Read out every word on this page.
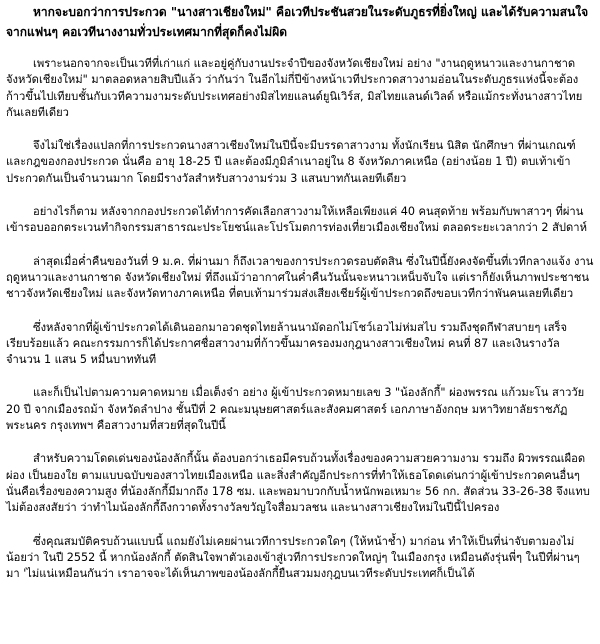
หากจะบอกว่าการประกวด "นางสาวเชียงใหม่" คือเวทีประชันสวยในระดับภูธรที่ยิ่งใหญ่ และได้รับความสนใจจากแฟนๆ คอเวทีนางงามทั่วประเทศมากที่สุดก็คงไม่ผิด

เพราะนอกจากจะเป็นเวทีที่เก่าแก่ และอยู่คู่กับงานประจำปีของจังหวัดเชียงใหม่ อย่าง "งานฤดูหนาวและงานกาชาด จังหวัดเชียงใหม่" มาตลอดหลายสิบปีแล้ว ว่ากันว่า ในอีกไม่กี่ปีข้างหน้าเวทีประกวดสาวงามอ่อนในระดับภูธรแห่งนี้จะต้องก้าวขึ้นไปเทียบชั้นกับเวทีความงามระดับประเทศอย่างมิสไทยแลนด์ยูนิเวิร์ส, มิสไทยแลนด์เวิลด์ หรือแม้กระทั่งนางสาวไทย กันเลยทีเดียว

จึงไม่ใช่เรื่องแปลกที่การประกวดนางสาวเชียงใหม่ในปีนี้จะมีบรรดาสาวงาม ทั้งนักเรียน นิสิต นักศึกษา ที่ผ่านเกณฑ์ และกฎของกองประกวด นั่นคือ อายุ 18-25 ปี และต้องมีภูมิลำเนาอยู่ใน 8 จังหวัดภาคเหนือ (อย่างน้อย 1 ปี) ตบเท้าเข้าประกวดกันเป็นจำนวนมาก โดยมีรางวัลสำหรับสาวงามร่วม 3 แสนบาทกันเลยทีเดียว

อย่างไรก็ตาม หลังจากกองประกวดได้ทำการคัดเลือกสาวงามให้เหลือเพียงแค่ 40 คนสุดท้าย พร้อมกับพาสาวๆ ที่ผ่านเข้ารอบออกตระเวนทำกิจกรรมสาธารณะประโยชน์และโปรโมตการท่องเที่ยวเมืองเชียงใหม่ ตลอดระยะเวลากว่า 2 สัปดาห์

ล่าสุดเมื่อค่ำคืนของวันที่ 9 ม.ค. ที่ผ่านมา ก็ถึงเวลาของการประกวดรอบตัดสิน ซึ่งในปีนี้ยังคงจัดขึ้นที่เวทีกลางแจ้ง งานฤดูหนาวและงานกาชาด จังหวัดเชียงใหม่ ที่ถึงแม้ว่าอากาศในค่ำคืนวันนั้นจะหนาวเหน็บจับใจ แต่เราก็ยังเห็นภาพประชาชนชาวจังหวัดเชียงใหม่ และจังหวัดทางภาคเหนือ ที่ตบเท้ามาร่วมส่งเสียงเชียร์ผู้เข้าประกวดถึงขอบเวทีกว่าพันคนเลยทีเดียว

ซึ่งหลังจากที่ผู้เข้าประกวดได้เดินออกมาอวดชุดไทยล้านนามัดอกไม่โชว์เอวไม่ห่มสไบ รวมถึงชุดกีฬาสบายๆ เสร็จเรียบร้อยแล้ว คณะกรรมการก็ได้ประกาศชื่อสาวงามที่ก้าวขึ้นมาครองมงกุฎนางสาวเชียงใหม่ คนที่ 87 และเงินรางวัลจำนวน 1 แสน 5 หมื่นบาททันที

และก็เป็นไปตามความคาดหมาย เมื่อเต็งจ๋า อย่าง ผู้เข้าประกวดหมายเลข 3 "น้องลักกี้" ผ่องพรรณ แก้วมะโน สาววัย 20 ปี จากเมืองรถม้า จังหวัดลำปาง ชั้นปีที่ 2 คณะมนุษยศาสตร์และสังคมศาสตร์ เอกภาษาอังกฤษ มหาวิทยาลัยราชภัฏพระนคร กรุงเทพฯ คือสาวงามที่สวยที่สุดในปีนี้

สำหรับความโดดเด่นของน้องลักกี้นั้น ต้องบอกว่าเธอมีครบถ้วนทั้งเรื่องของความสวยความงาม รวมถึง ผิวพรรณเผือดผ่อง เป็นยองใย ตามแบบฉบับของสาวไทยเมืองเหนือ และสิ่งสำคัญอีกประการที่ทำให้เธอโดดเด่นกว่าผู้เข้าประกวดคนอื่นๆ นั่นคือเรื่องของความสูง ที่น้องลักกี้มีมากถึง 178 ซม. และพอมาบวกกับน้ำหนักพอเหมาะ 56 กก. สัดส่วน 33-26-38 จึงแทบไม่ต้องสงสัยว่า ว่าทำไมน้องลักกี้ถึงกวาดทั้งรางวัลขวัญใจสื่อมวลชน และนางสาวเชียงใหม่ในปีนี้ไปครอง

ซึ่งคุณสมบัติครบถ้วนแบบนี้ แถมยังไม่เคยผ่านเวทีการประกวดใดๆ (ให้หน้าช้ำ) มาก่อน ทำให้เป็นที่น่าจับตามองไม่น้อยว่า ในปี 2552 นี้ หากน้องลักกี้ ตัดสินใจพาตัวเองเข้าสู่เวทีการประกวดใหญ่ๆ ในเมืองกรุง เหมือนดังรุ่นพี่ๆ ในปีที่ผ่านๆ มา 'ไม่แน่เหมือนกันว่า เราอาจจะได้เห็นภาพของน้องลักกี้ยืนสวมมงกุฎบนเวทีระดับประเทศก็เป็นได้
